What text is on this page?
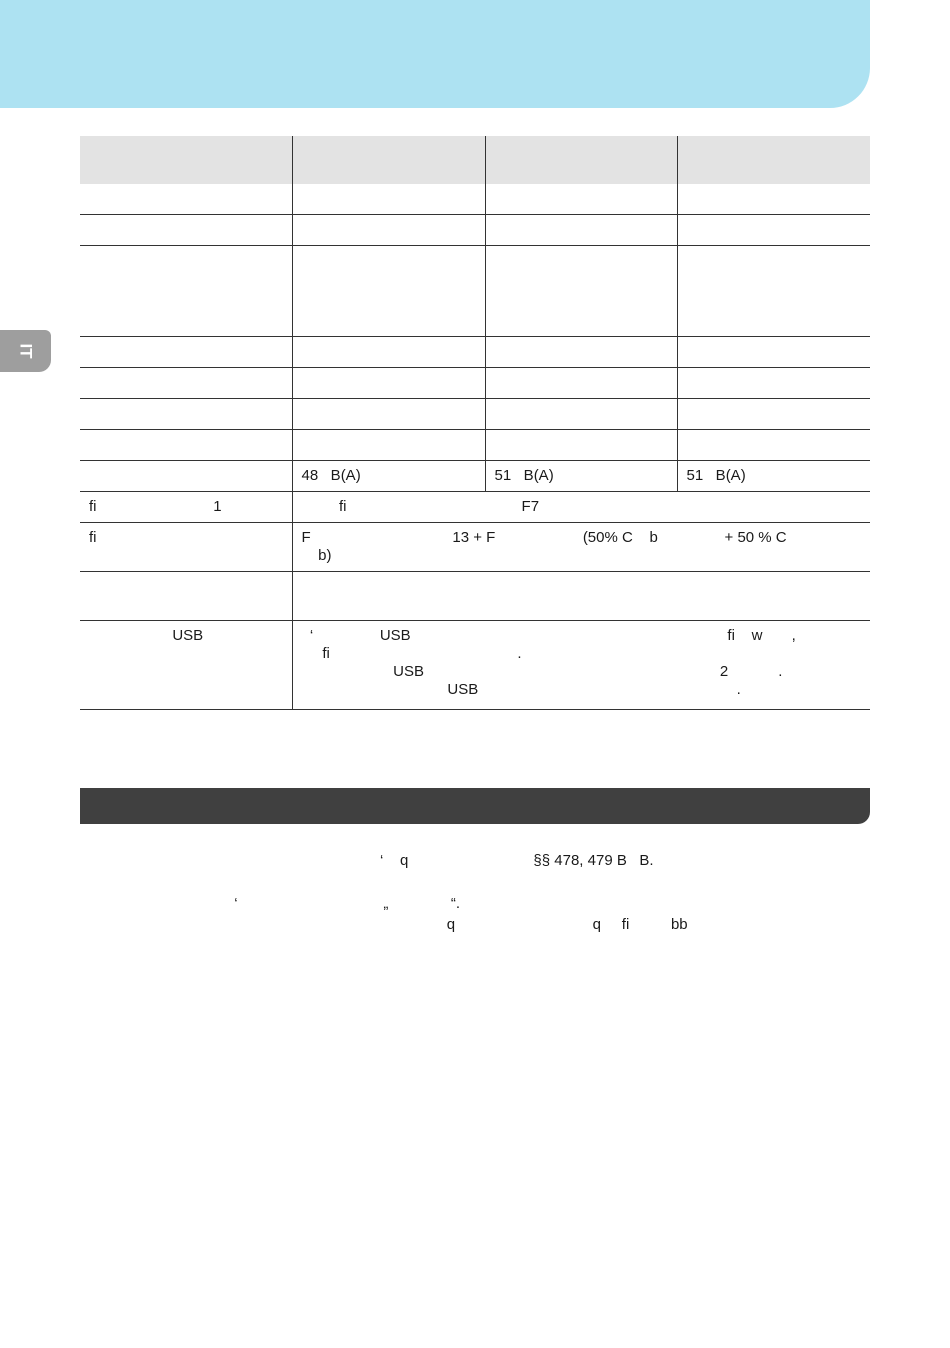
IT

	48   B(A)	51   B(A)	51   B(A)
fi                            1	fi                                          F7		
fi	F                                  13 + F                     (50% C    b                + 50 % C
b)		

USB	‘                USB                                                                            fi    w       ,
fi                                             .
USB                                                                       2            .
USB                                                              .		
‘    q                              §§ 478, 479 B   B.
‘                                   „               “.
q                                 q     fi          bb
